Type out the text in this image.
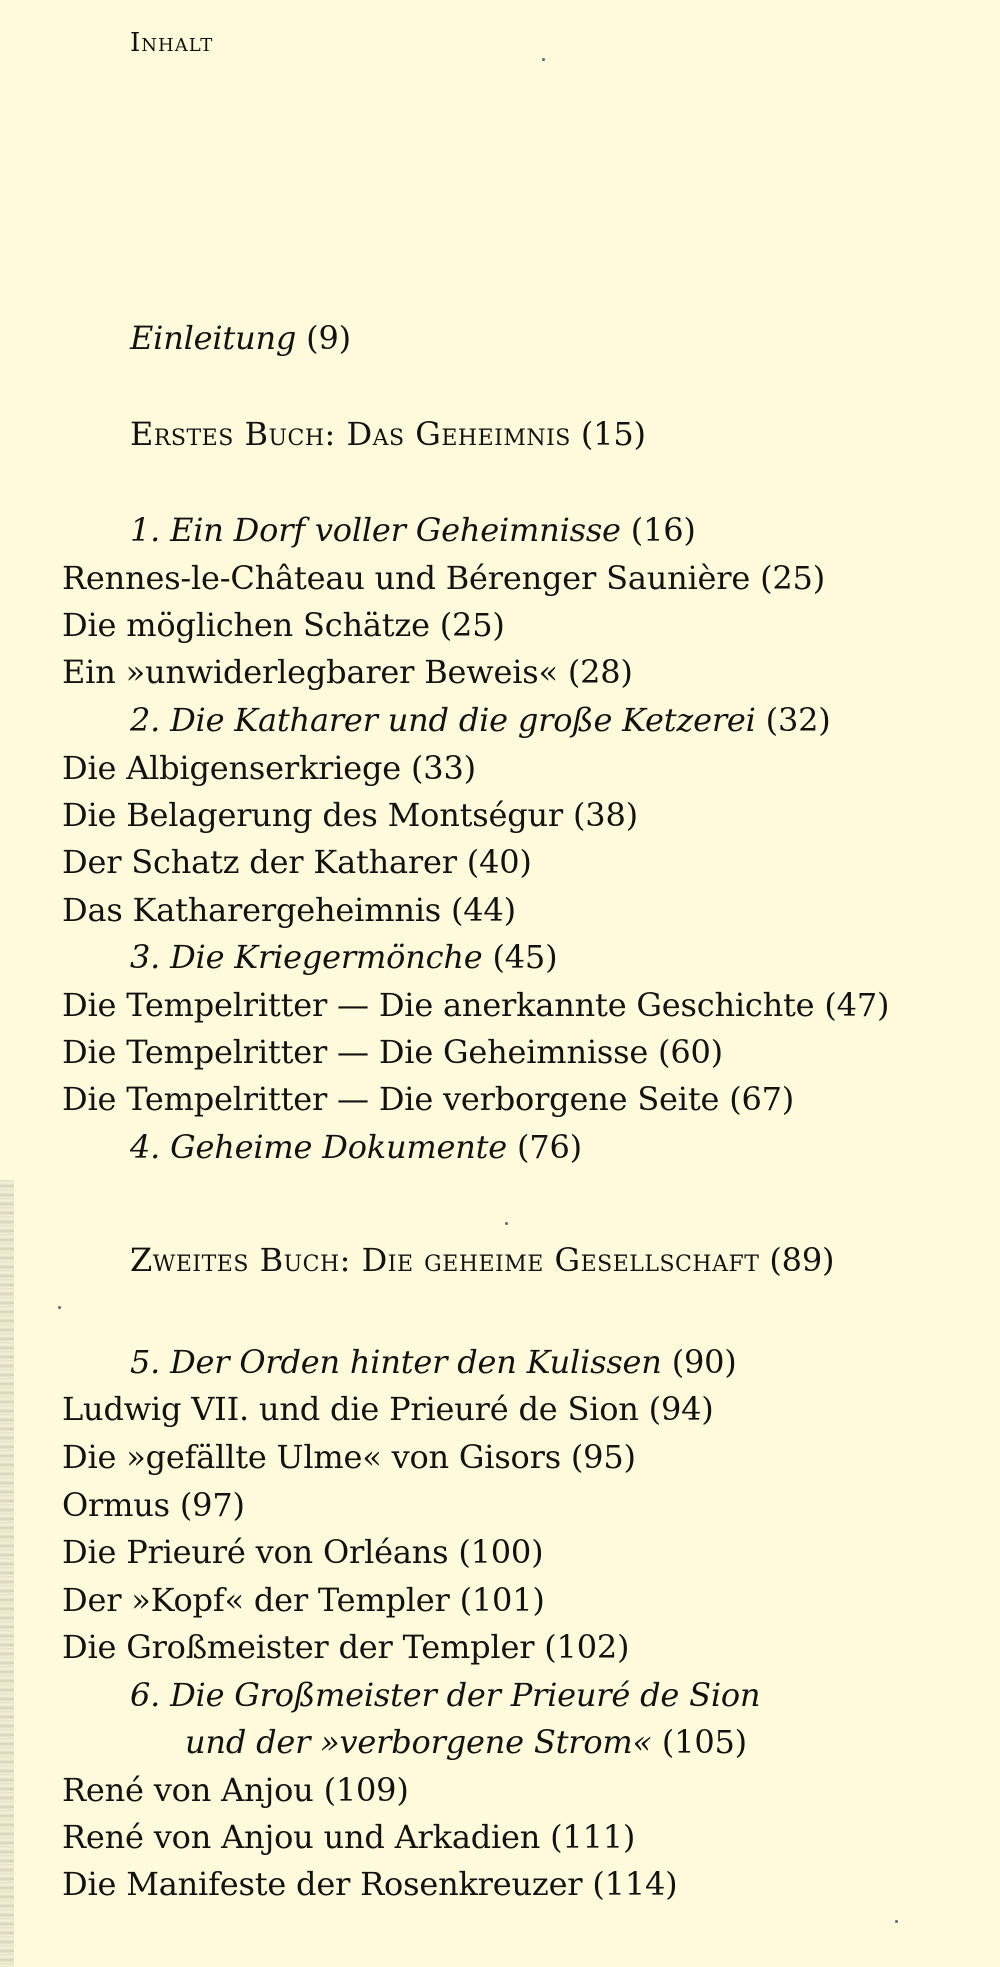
Inhalt
Einleitung (9)
Erstes Buch: Das Geheimnis (15)
1. Ein Dorf voller Geheimnisse (16)
Rennes-le-Château und Bérenger Saunière (25)
Die möglichen Schätze (25)
Ein »unwiderlegbarer Beweis« (28)
2. Die Katharer und die große Ketzerei (32)
Die Albigenserkriege (33)
Die Belagerung des Montségur (38)
Der Schatz der Katharer (40)
Das Katharergeheimnis (44)
3. Die Kriegermönche (45)
Die Tempelritter — Die anerkannte Geschichte (47)
Die Tempelritter — Die Geheimnisse (60)
Die Tempelritter — Die verborgene Seite (67)
4. Geheime Dokumente (76)
Zweites Buch: Die geheime Gesellschaft (89)
5. Der Orden hinter den Kulissen (90)
Ludwig VII. und die Prieuré de Sion (94)
Die »gefällte Ulme« von Gisors (95)
Ormus (97)
Die Prieuré von Orléans (100)
Der »Kopf« der Templer (101)
Die Großmeister der Templer (102)
6. Die Großmeister der Prieuré de Sion
und der »verborgene Strom« (105)
René von Anjou (109)
René von Anjou und Arkadien (111)
Die Manifeste der Rosenkreuzer (114)
